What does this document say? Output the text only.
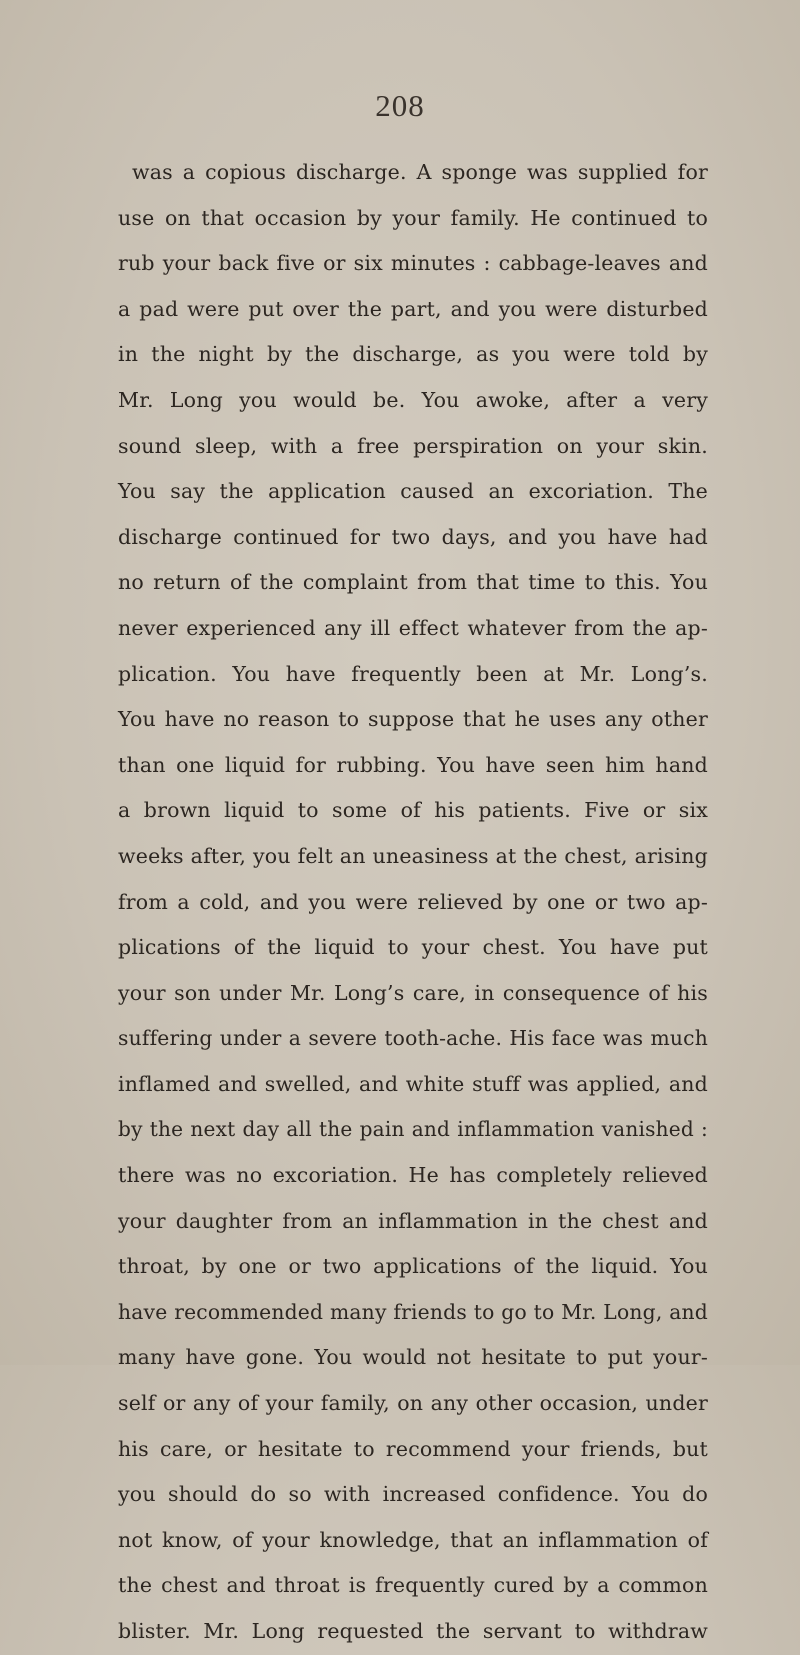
208
was a copious discharge. A sponge was supplied for
use on that occasion by your family. He continued to
rub your back five or six minutes : cabbage-leaves and
a pad were put over the part, and you were disturbed
in the night by the discharge, as you were told by
Mr. Long you would be. You awoke, after a very
sound sleep, with a free perspiration on your skin.
You say the application caused an excoriation. The
discharge continued for two days, and you have had
no return of the complaint from that time to this. You
never experienced any ill effect whatever from the ap-
plication. You have frequently been at Mr. Long’s.
You have no reason to suppose that he uses any other
than one liquid for rubbing. You have seen him hand
a brown liquid to some of his patients. Five or six
weeks after, you felt an uneasiness at the chest, arising
from a cold, and you were relieved by one or two ap-
plications of the liquid to your chest. You have put
your son under Mr. Long’s care, in consequence of his
suffering under a severe tooth-ache. His face was much
inflamed and swelled, and white stuff was applied, and
by the next day all the pain and inflammation vanished :
there was no excoriation. He has completely relieved
your daughter from an inflammation in the chest and
throat, by one or two applications of the liquid. You
have recommended many friends to go to Mr. Long, and
many have gone. You would not hesitate to put your-
self or any of your family, on any other occasion, under
his care, or hesitate to recommend your friends, but
you should do so with increased confidence. You do
not know, of your knowledge, that an inflammation of
the chest and throat is frequently cured by a common
blister. Mr. Long requested the servant to withdraw
